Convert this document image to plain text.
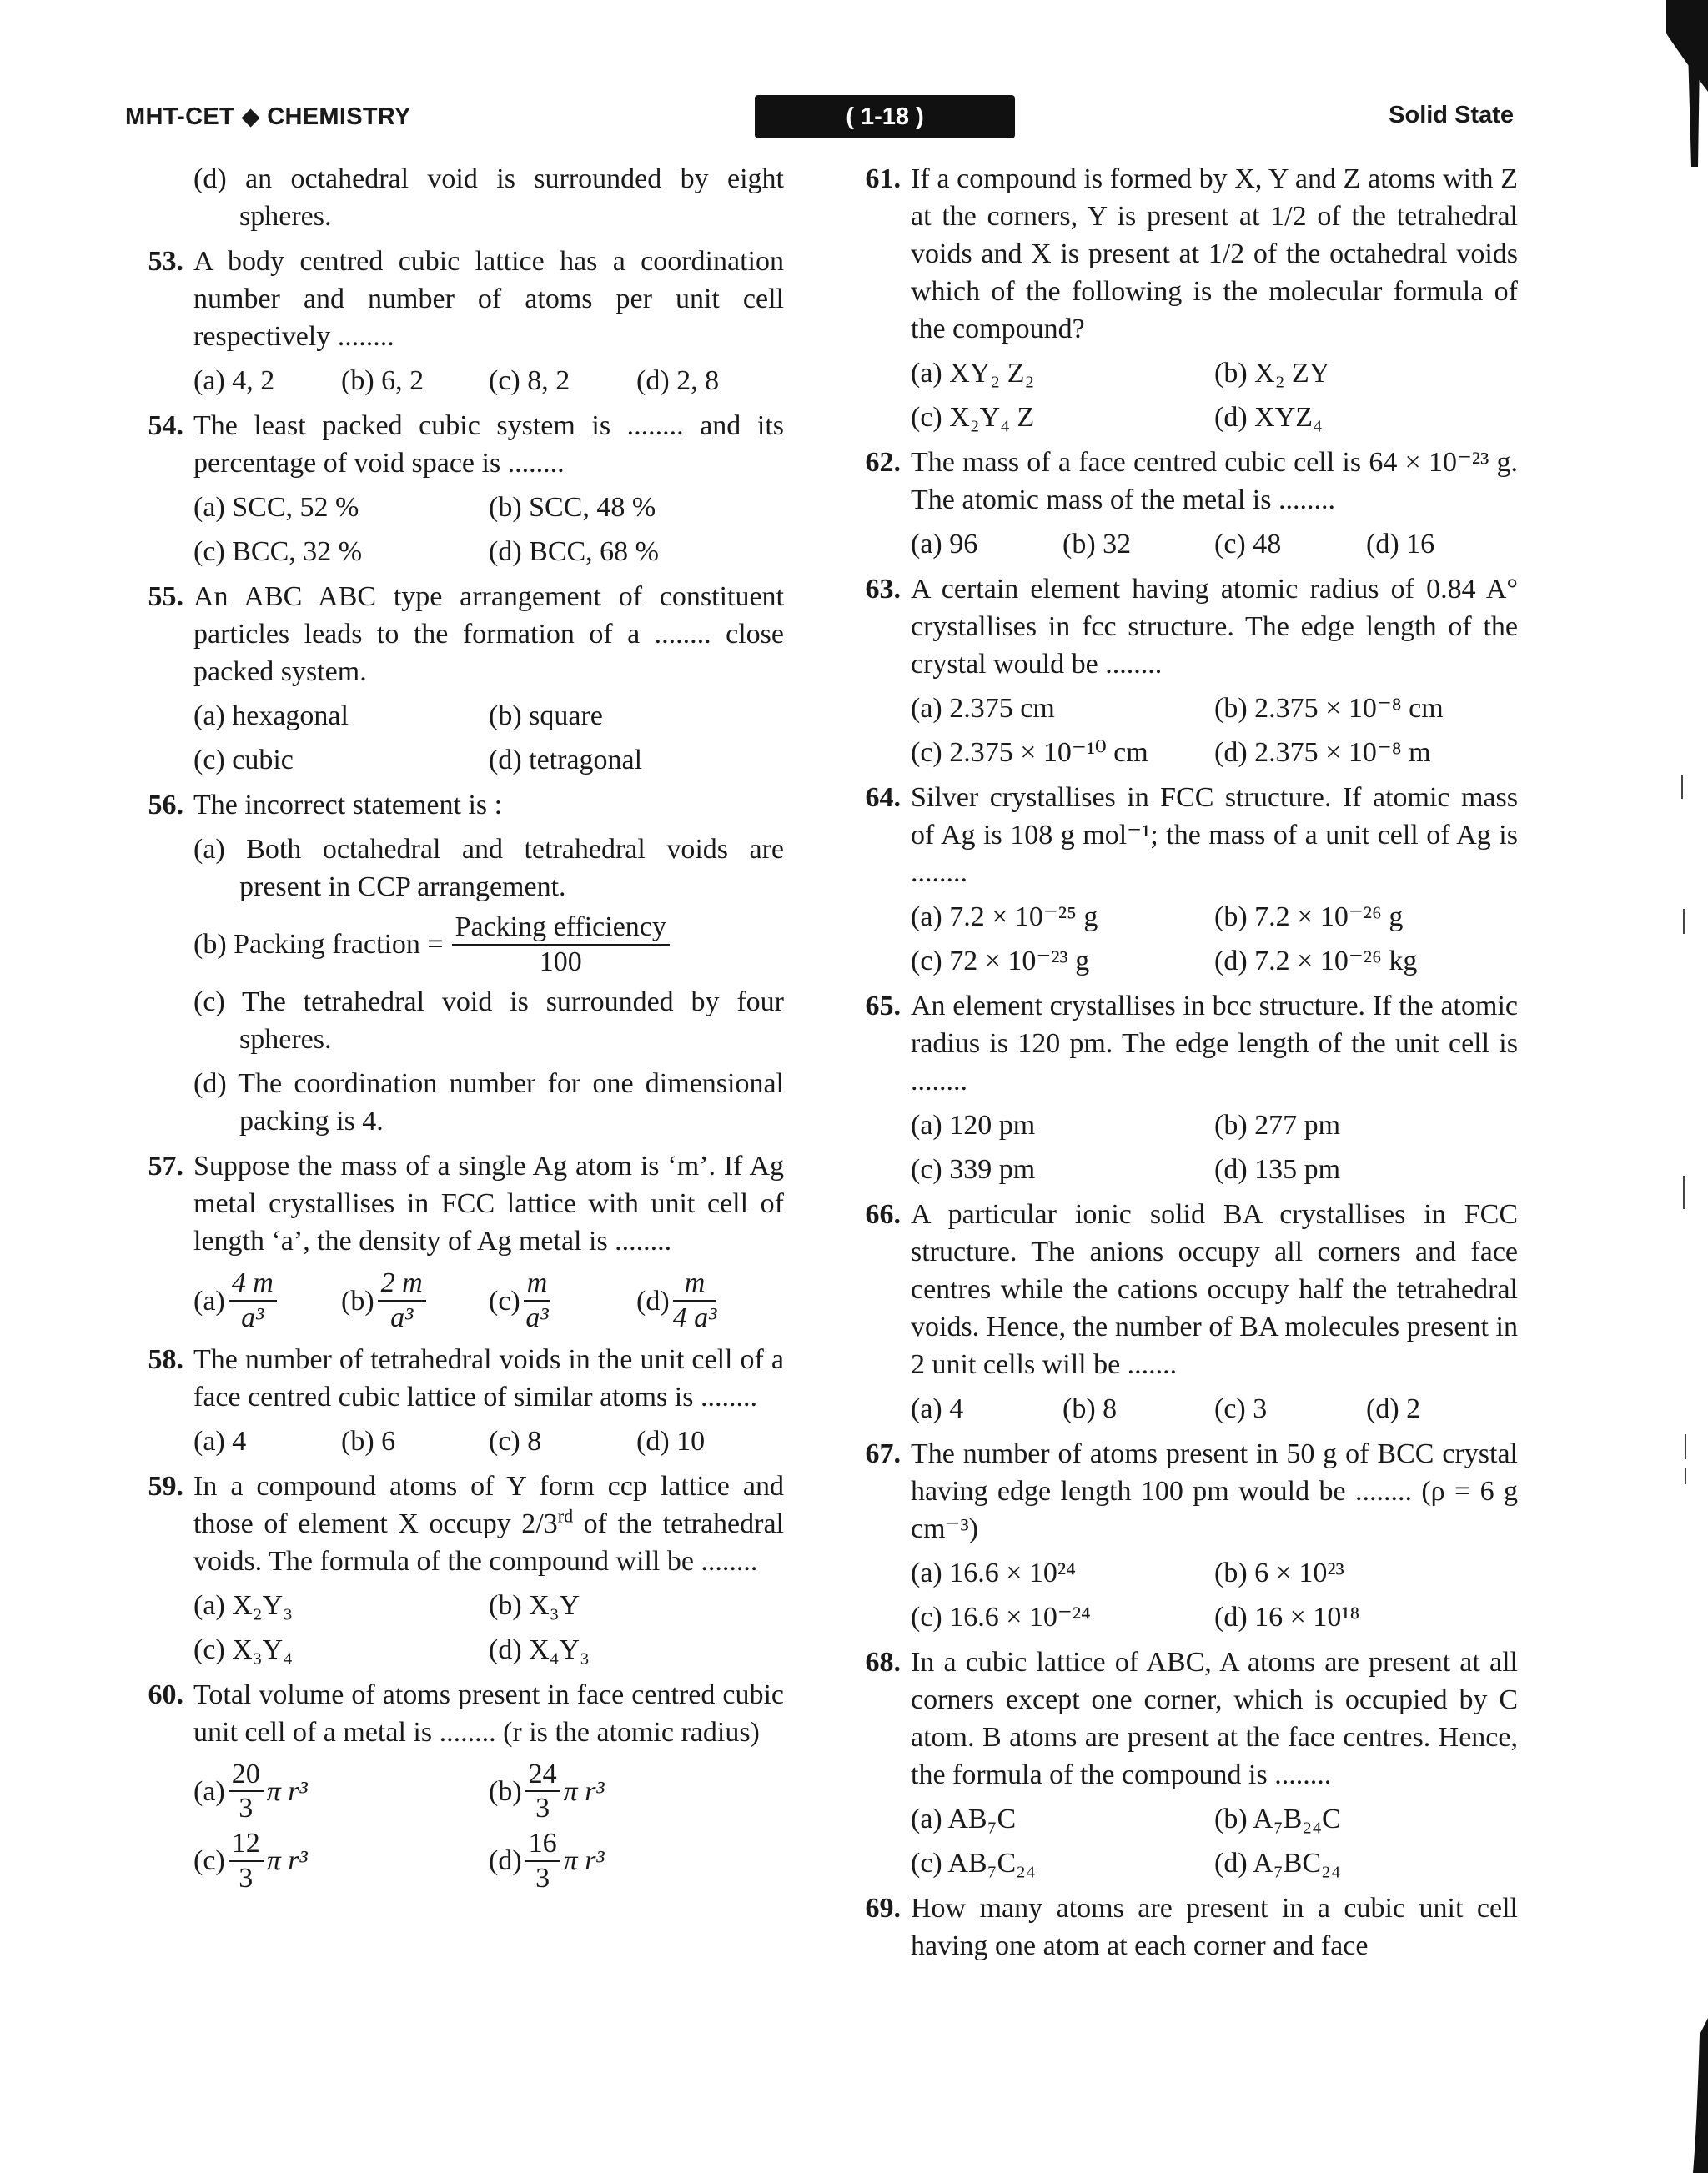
MHT-CET ◆ CHEMISTRY	( 1-18 )	Solid State
(d) an octahedral void is surrounded by eight spheres.
53. A body centred cubic lattice has a coordination number and number of atoms per unit cell respectively ........
(a) 4, 2	(b) 6, 2	(c) 8, 2	(d) 2, 8
54. The least packed cubic system is ........ and its percentage of void space is ........
(a) SCC, 52 %	(b) SCC, 48 %
(c) BCC, 32 %	(d) BCC, 68 %
55. An ABC ABC type arrangement of constituent particles leads to the formation of a ........ close packed system.
(a) hexagonal	(b) square
(c) cubic	(d) tetragonal
56. The incorrect statement is :
(a) Both octahedral and tetrahedral voids are present in CCP arrangement.
(b) Packing fraction = $\frac{\text{Packing efficiency}}{100}$
(c) The tetrahedral void is surrounded by four spheres.
(d) The coordination number for one dimensional packing is 4.
57. Suppose the mass of a single Ag atom is ‘m’. If Ag metal crystallises in FCC lattice with unit cell of length ‘a’, the density of Ag metal is ........
$(a) \frac{4 m}{\text{a³}} (b) \frac{2 m}{\text{a³}} (c) \frac{m}{\text{a³}}$	$(d) \frac{m}{\text{4 a³}}$
58. The number of tetrahedral voids in the unit cell of a face centred cubic lattice of similar atoms is ........
(a) 4	(b) 6	(c) 8	(d) 10
59. In a compound atoms of Y form ccp lattice and those of element X occupy 2/3rd of the tetrahedral voids. The formula of the compound will be ........
(a) X₂Y₃	(b) X₃Y
(c) X₃Y₄	(d) X₄Y₃
60. Total volume of atoms present in face centred cubic unit cell of a metal is ........ (r is the atomic radius)
$(a) \frac{20}{3}$ π r³	$(b) \frac{24}{3}$ π r³
$(c) \frac{12}{3}$ π r³	$(d) \frac{16}{3}$ π r³
61. If a compound is formed by X, Y and Z atoms with Z at the corners, Y is present at 1/2 of the tetrahedral voids and X is present at 1/2 of the octahedral voids which of the following is the molecular formula of the compound?
(a) XY₂ Z₂	(b) X₂ ZY
(c) X₂Y₄ Z	(d) XYZ₄
62. The mass of a face centred cubic cell is 64 × 10⁻²³ g. The atomic mass of the metal is ........
(a) 96	(b) 32	(c) 48	(d) 16
63. A certain element having atomic radius of 0.84 A° crystallises in fcc structure. The edge length of the crystal would be ........
(a) 2.375 cm	(b) 2.375 × 10⁻⁸ cm
(c) 2.375 × 10⁻¹⁰ cm	(d) 2.375 × 10⁻⁸ m
64. Silver crystallises in FCC structure. If atomic mass of Ag is 108 g mol⁻¹; the mass of a unit cell of Ag is ........
(a) 7.2 × 10⁻²⁵ g	(b) 7.2 × 10⁻²⁶ g
(c) 72 × 10⁻²³ g	(d) 7.2 × 10⁻²⁶ kg
65. An element crystallises in bcc structure. If the atomic radius is 120 pm. The edge length of the unit cell is ........
(a) 120 pm	(b) 277 pm
(c) 339 pm	(d) 135 pm
66. A particular ionic solid BA crystallises in FCC structure. The anions occupy all corners and face centres while the cations occupy half the tetrahedral voids. Hence, the number of BA molecules present in 2 unit cells will be .......
(a) 4	(b) 8	(c) 3	(d) 2
67. The number of atoms present in 50 g of BCC crystal having edge length 100 pm would be ........ (ρ = 6 g cm⁻³)
(a) 16.6 × 10²⁴	(b) 6 × 10²³
(c) 16.6 × 10⁻²⁴	(d) 16 × 10¹⁸
68. In a cubic lattice of ABC, A atoms are present at all corners except one corner, which is occupied by C atom. B atoms are present at the face centres. Hence, the formula of the compound is ........
(a) AB₇C	(b) A₇B₂₄C
(c) AB₇C₂₄	(d) A₇BC₂₄
69. How many atoms are present in a cubic unit cell having one atom at each corner and face
